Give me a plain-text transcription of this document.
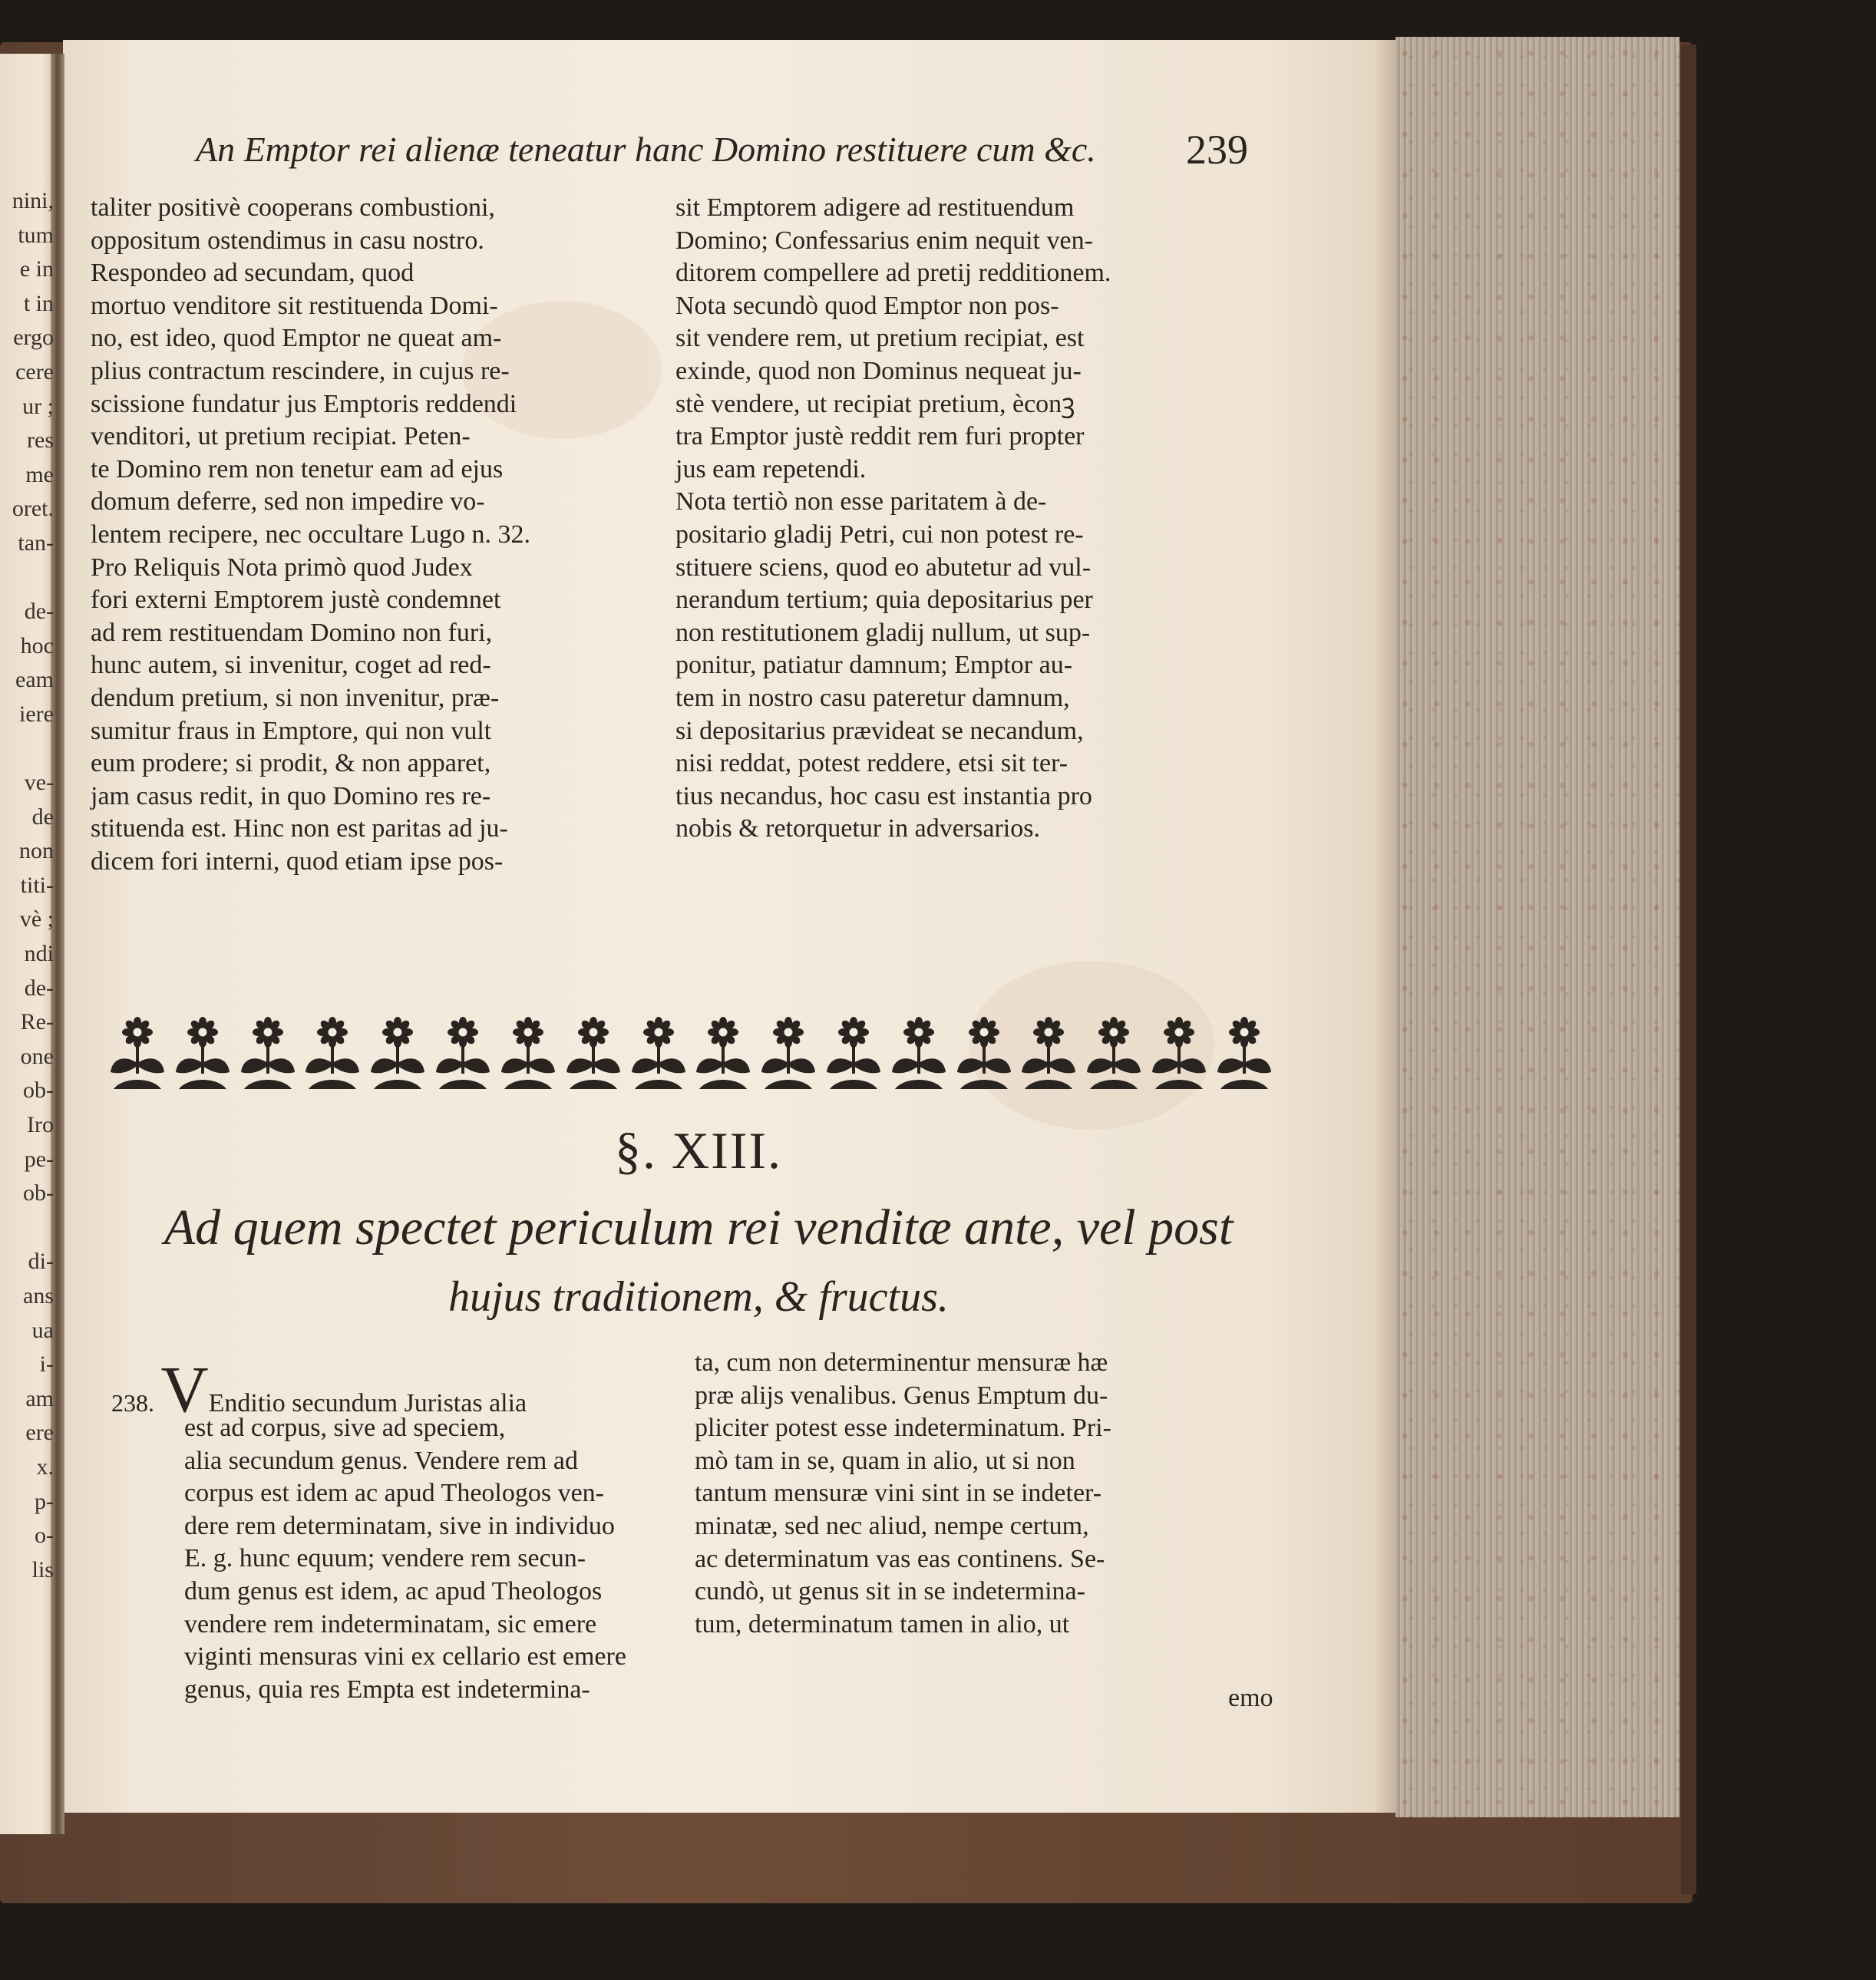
nini,
tum
e in
t in
ergo
cere
ur ;
res
me
oret.
tan-
de-
hoc
eam
iere
ve-
de
non
titi-
vè ;
ndi
de-
Re-
one
ob-
Iro
pe-
ob-
di-
ans
ua
i-
am
ere
x.
p-
o-
lis
An Emptor rei alienæ teneatur hanc Domino restituere cum &c. 239
taliter positivè cooperans combustioni,
oppositum ostendimus in casu nostro.
Respondeo ad secundam, quod
mortuo venditore sit restituenda Domi-
no, est ideo, quod Emptor ne queat am-
plius contractum rescindere, in cujus re-
scissione fundatur jus Emptoris reddendi
venditori, ut pretium recipiat. Peten-
te Domino rem non tenetur eam ad ejus
domum deferre, sed non impedire vo-
lentem recipere, nec occultare Lugo n. 32.
Pro Reliquis Nota primò quod Judex
fori externi Emptorem justè condemnet
ad rem restituendam Domino non furi,
hunc autem, si invenitur, coget ad red-
dendum pretium, si non invenitur, præ-
sumitur fraus in Emptore, qui non vult
eum prodere; si prodit, & non apparet,
jam casus redit, in quo Domino res re-
stituenda est. Hinc non est paritas ad ju-
dicem fori interni, quod etiam ipse pos-
sit Emptorem adigere ad restituendum
Domino; Confessarius enim nequit ven-
ditorem compellere ad pretij redditionem.
Nota secundò quod Emptor non pos-
sit vendere rem, ut pretium recipiat, est
exinde, quod non Dominus nequeat ju-
stè vendere, ut recipiat pretium, èconꝫ
tra Emptor justè reddit rem furi propter
jus eam repetendi.
Nota tertiò non esse paritatem à de-
positario gladij Petri, cui non potest re-
stituere sciens, quod eo abutetur ad vul-
nerandum tertium; quia depositarius per
non restitutionem gladij nullum, ut sup-
ponitur, patiatur damnum; Emptor au-
tem in nostro casu pateretur damnum,
si depositarius prævideat se necandum,
nisi reddat, potest reddere, etsi sit ter-
tius necandus, hoc casu est instantia pro
nobis & retorquetur in adversarios.
§. XIII.
Ad quem spectet periculum rei venditæ ante, vel post
hujus traditionem, & fructus.
238. VEnditio secundum Juristas alia
est ad corpus, sive ad speciem,
alia secundum genus. Vendere rem ad
corpus est idem ac apud Theologos ven-
dere rem determinatam, sive in individuo
E. g. hunc equum; vendere rem secun-
dum genus est idem, ac apud Theologos
vendere rem indeterminatam, sic emere
viginti mensuras vini ex cellario est emere
genus, quia res Empta est indetermina-
ta, cum non determinentur mensuræ hæ
præ alijs venalibus. Genus Emptum du-
pliciter potest esse indeterminatum. Pri-
mò tam in se, quam in alio, ut si non
tantum mensuræ vini sint in se indeter-
minatæ, sed nec aliud, nempe certum,
ac determinatum vas eas continens. Se-
cundò, ut genus sit in se indetermina-
tum, determinatum tamen in alio, ut
emo
